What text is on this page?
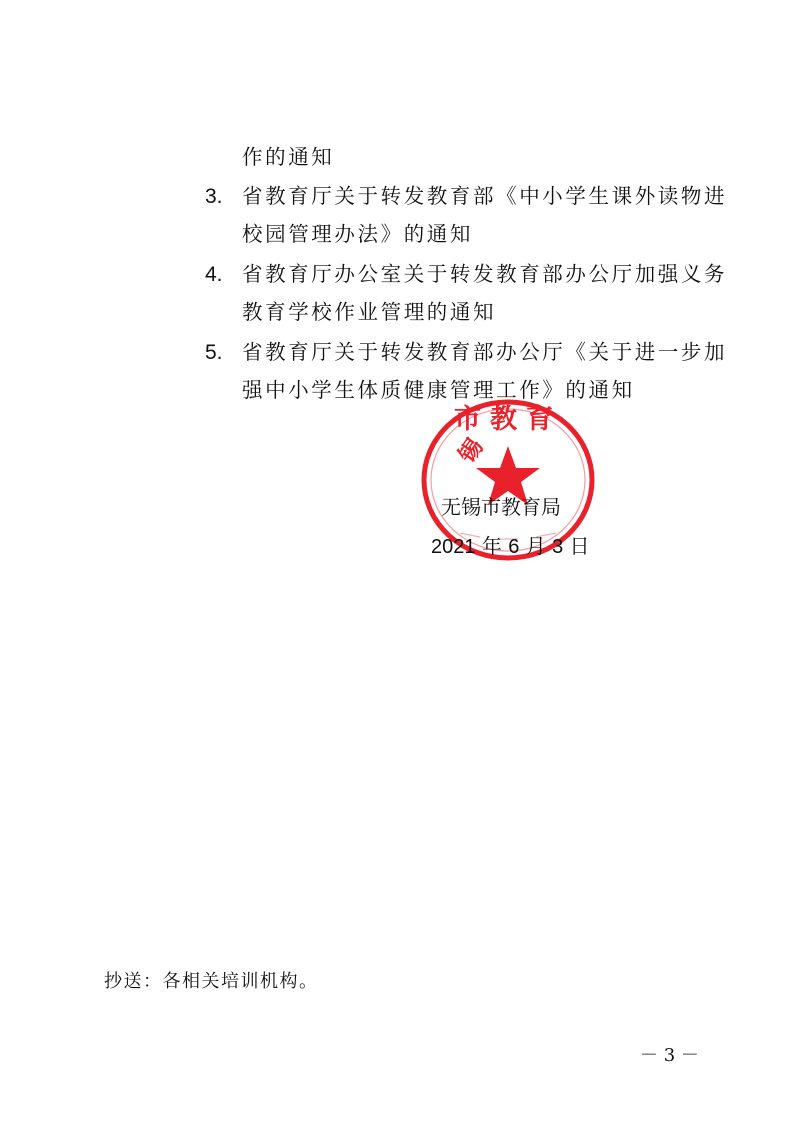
作的通知
3. 省教育厅关于转发教育部《中小学生课外读物进
校园管理办法》的通知
4. 省教育厅办公室关于转发教育部办公厅加强义务
教育学校作业管理的通知
5. 省教育厅关于转发教育部办公厅《关于进一步加
强中小学生体质健康管理工作》的通知
锡
市教育
无锡市教育局
2021 年 6 月 3 日
抄送：各相关培训机构。
－ 3 －
